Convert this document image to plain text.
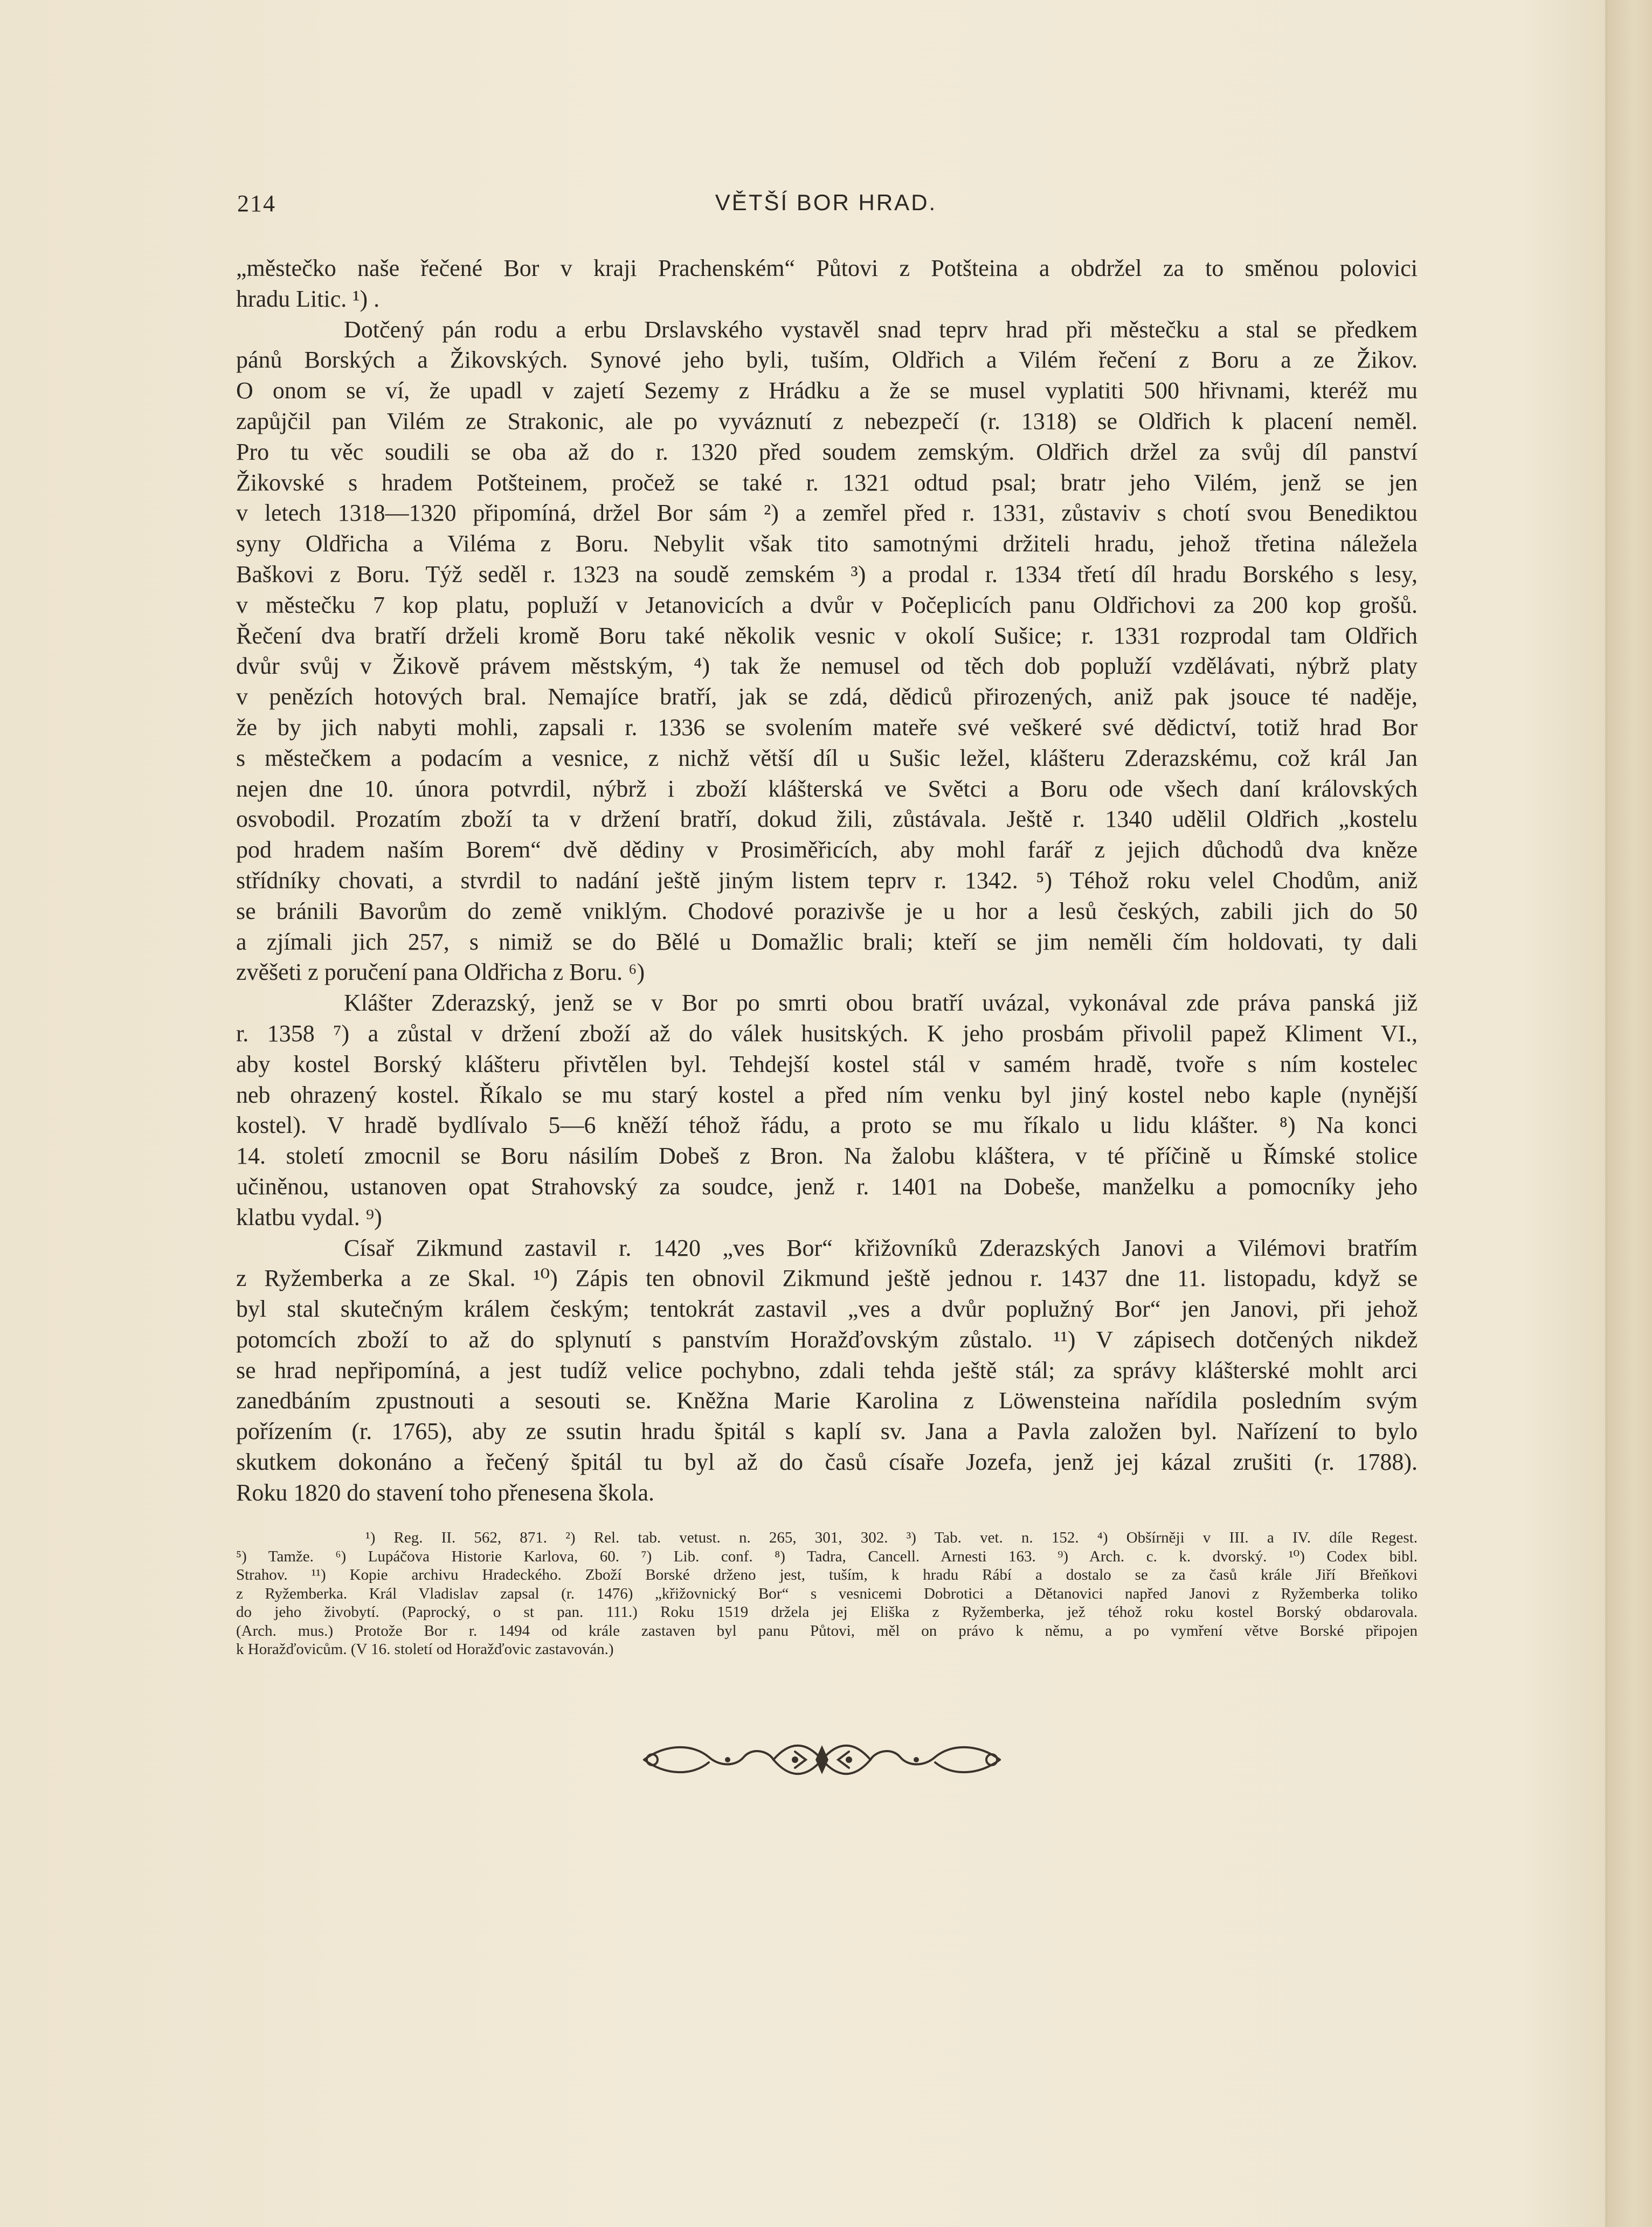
214	VĚTŠÍ BOR HRAD.
„městečko naše řečené Bor v kraji Prachenském“ Půtovi z Potšteina a obdržel za to směnou polovici
hradu Litic. ¹) .
Dotčený pán rodu a erbu Drslavského vystavěl snad teprv hrad při městečku a stal se předkem
pánů Borských a Žikovských. Synové jeho byli, tuším, Oldřich a Vilém řečení z Boru a ze Žikov.
O onom se ví, že upadl v zajetí Sezemy z Hrádku a že se musel vyplatiti 500 hřivnami, kteréž mu
zapůjčil pan Vilém ze Strakonic, ale po vyváznutí z nebezpečí (r. 1318) se Oldřich k placení neměl.
Pro tu věc soudili se oba až do r. 1320 před soudem zemským. Oldřich držel za svůj díl panství
Žikovské s hradem Potšteinem, pročež se také r. 1321 odtud psal; bratr jeho Vilém, jenž se jen
v letech 1318—1320 připomíná, držel Bor sám ²) a zemřel před r. 1331, zůstaviv s chotí svou Benediktou
syny Oldřicha a Viléma z Boru. Nebylit však tito samotnými držiteli hradu, jehož třetina náležela
Baškovi z Boru. Týž seděl r. 1323 na soudě zemském ³) a prodal r. 1334 třetí díl hradu Borského s lesy,
v městečku 7 kop platu, popluží v Jetanovicích a dvůr v Počeplicích panu Oldřichovi za 200 kop grošů.
Řečení dva bratří drželi kromě Boru také několik vesnic v okolí Sušice; r. 1331 rozprodal tam Oldřich
dvůr svůj v Žikově právem městským, ⁴) tak že nemusel od těch dob popluží vzdělávati, nýbrž platy
v penězích hotových bral. Nemajíce bratří, jak se zdá, dědiců přirozených, aniž pak jsouce té naděje,
že by jich nabyti mohli, zapsali r. 1336 se svolením mateře své veškeré své dědictví, totiž hrad Bor
s městečkem a podacím a vesnice, z nichž větší díl u Sušic ležel, klášteru Zderazskému, což král Jan
nejen dne 10. února potvrdil, nýbrž i zboží klášterská ve Světci a Boru ode všech daní královských
osvobodil. Prozatím zboží ta v držení bratří, dokud žili, zůstávala. Ještě r. 1340 udělil Oldřich „kostelu
pod hradem naším Borem“ dvě dědiny v Prosiměřicích, aby mohl farář z jejich důchodů dva kněze
střídníky chovati, a stvrdil to nadání ještě jiným listem teprv r. 1342. ⁵) Téhož roku velel Chodům, aniž
se bránili Bavorům do země vniklým. Chodové porazivše je u hor a lesů českých, zabili jich do 50
a zjímali jich 257, s nimiž se do Bělé u Domažlic brali; kteří se jim neměli čím holdovati, ty dali
zvěšeti z poručení pana Oldřicha z Boru. ⁶)
Klášter Zderazský, jenž se v Bor po smrti obou bratří uvázal, vykonával zde práva panská již
r. 1358 ⁷) a zůstal v držení zboží až do válek husitských. K jeho prosbám přivolil papež Kliment VI.,
aby kostel Borský klášteru přivtělen byl. Tehdejší kostel stál v samém hradě, tvoře s ním kostelec
neb ohrazený kostel. Říkalo se mu starý kostel a před ním venku byl jiný kostel nebo kaple (nynější
kostel). V hradě bydlívalo 5—6 kněží téhož řádu, a proto se mu říkalo u lidu klášter. ⁸) Na konci
14. století zmocnil se Boru násilím Dobeš z Bron. Na žalobu kláštera, v té příčině u Římské stolice
učiněnou, ustanoven opat Strahovský za soudce, jenž r. 1401 na Dobeše, manželku a pomocníky jeho
klatbu vydal. ⁹)
Císař Zikmund zastavil r. 1420 „ves Bor“ křižovníků Zderazských Janovi a Vilémovi bratřím
z Ryžemberka a ze Skal. ¹⁰) Zápis ten obnovil Zikmund ještě jednou r. 1437 dne 11. listopadu, když se
byl stal skutečným králem českým; tentokrát zastavil „ves a dvůr poplužný Bor“ jen Janovi, při jehož
potomcích zboží to až do splynutí s panstvím Horažďovským zůstalo. ¹¹) V zápisech dotčených nikdež
se hrad nepřipomíná, a jest tudíž velice pochybno, zdali tehda ještě stál; za správy klášterské mohlt arci
zanedbáním zpustnouti a sesouti se. Kněžna Marie Karolina z Löwensteina nařídila posledním svým
pořízením (r. 1765), aby ze ssutin hradu špitál s kaplí sv. Jana a Pavla založen byl. Nařízení to bylo
skutkem dokonáno a řečený špitál tu byl až do časů císaře Jozefa, jenž jej kázal zrušiti (r. 1788).
Roku 1820 do stavení toho přenesena škola.
¹) Reg. II. 562, 871. ²) Rel. tab. vetust. n. 265, 301, 302. ³) Tab. vet. n. 152. ⁴) Obšírněji v III. a IV. díle Regest.
⁵) Tamže. ⁶) Lupáčova Historie Karlova, 60. ⁷) Lib. conf. ⁸) Tadra, Cancell. Arnesti 163. ⁹) Arch. c. k. dvorský. ¹⁰) Codex bibl.
Strahov. ¹¹) Kopie archivu Hradeckého. Zboží Borské drženo jest, tuším, k hradu Rábí a dostalo se za časů krále Jiří Břeňkovi
z Ryžemberka. Král Vladislav zapsal (r. 1476) „křižovnický Bor“ s vesnicemi Dobrotici a Dětanovici napřed Janovi z Ryžemberka toliko
do jeho živobytí. (Paprocký, o st pan. 111.) Roku 1519 držela jej Eliška z Ryžemberka, jež téhož roku kostel Borský obdarovala.
(Arch. mus.) Protože Bor r. 1494 od krále zastaven byl panu Půtovi, měl on právo k němu, a po vymření větve Borské připojen
k Horažďovicům. (V 16. století od Horažďovic zastavován.)
